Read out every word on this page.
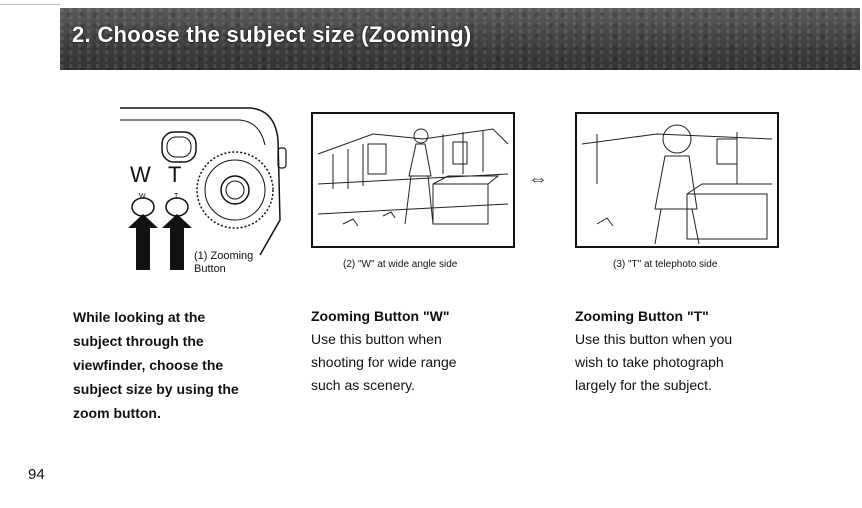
2. Choose the subject size (Zooming)
W T
W	T
(1) Zooming
Button	(2) "W" at wide angle side
⇔
(3) "T" at telephoto side
While looking at the
subject through the
viewfinder, choose the
subject size by using the
zoom button.
Zooming Button "W"
Use this button when
shooting for wide range
such as scenery.
Zooming Button "T"
Use this button when you
wish to take photograph
largely for the subject.
94
